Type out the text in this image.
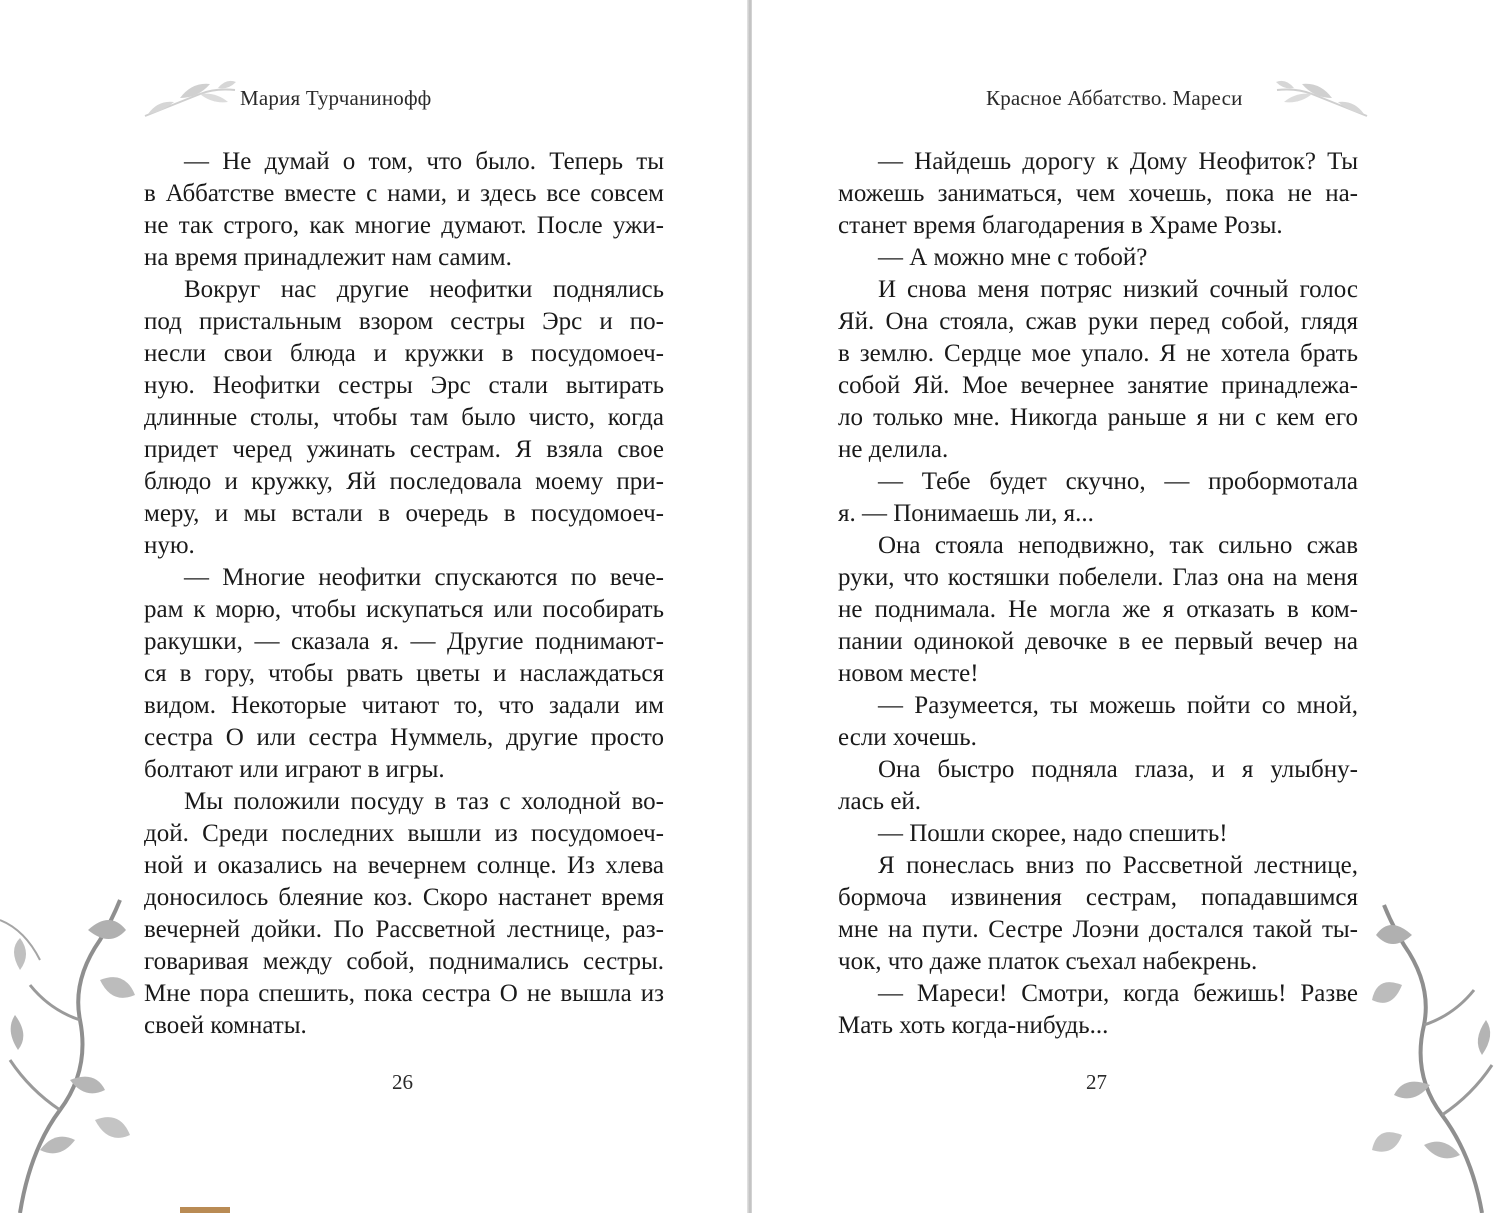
Мария Турчанинофф
— Не думай о том, что было. Теперь ты
в Аббатстве вместе с нами, и здесь все совсем
не так строго, как многие думают. После ужи-
на время принадлежит нам самим.
Вокруг нас другие неофитки поднялись
под пристальным взором сестры Эрс и по-
несли свои блюда и кружки в посудомоеч-
ную. Неофитки сестры Эрс стали вытирать
длинные столы, чтобы там было чисто, когда
придет черед ужинать сестрам. Я взяла свое
блюдо и кружку, Яй последовала моему при-
меру, и мы встали в очередь в посудомоеч-
ную.
— Многие неофитки спускаются по вече-
рам к морю, чтобы искупаться или пособирать
ракушки, — сказала я. — Другие поднимают-
ся в гору, чтобы рвать цветы и наслаждаться
видом. Некоторые читают то, что задали им
сестра О или сестра Нуммель, другие просто
болтают или играют в игры.
Мы положили посуду в таз с холодной во-
дой. Среди последних вышли из посудомоеч-
ной и оказались на вечернем солнце. Из хлева
доносилось блеяние коз. Скоро настанет время
вечерней дойки. По Рассветной лестнице, раз-
говаривая между собой, поднимались сестры.
Мне пора спешить, пока сестра О не вышла из
своей комнаты.
26
Красное Аббатство. Мареси
— Найдешь дорогу к Дому Неофиток? Ты
можешь заниматься, чем хочешь, пока не на-
станет время благодарения в Храме Розы.
— А можно мне с тобой?
И снова меня потряс низкий сочный голос
Яй. Она стояла, сжав руки перед собой, глядя
в землю. Сердце мое упало. Я не хотела брать
собой Яй. Мое вечернее занятие принадлежа-
ло только мне. Никогда раньше я ни с кем его
не делила.
— Тебе будет скучно, — пробормотала
я. — Понимаешь ли, я...
Она стояла неподвижно, так сильно сжав
руки, что костяшки побелели. Глаз она на меня
не поднимала. Не могла же я отказать в ком-
пании одинокой девочке в ее первый вечер на
новом месте!
— Разумеется, ты можешь пойти со мной,
если хочешь.
Она быстро подняла глаза, и я улыбну-
лась ей.
— Пошли скорее, надо спешить!
Я понеслась вниз по Рассветной лестнице,
бормоча извинения сестрам, попадавшимся
мне на пути. Сестре Лоэни достался такой ты-
чок, что даже платок съехал набекрень.
— Мареси! Смотри, когда бежишь! Разве
Мать хоть когда-нибудь...
27
